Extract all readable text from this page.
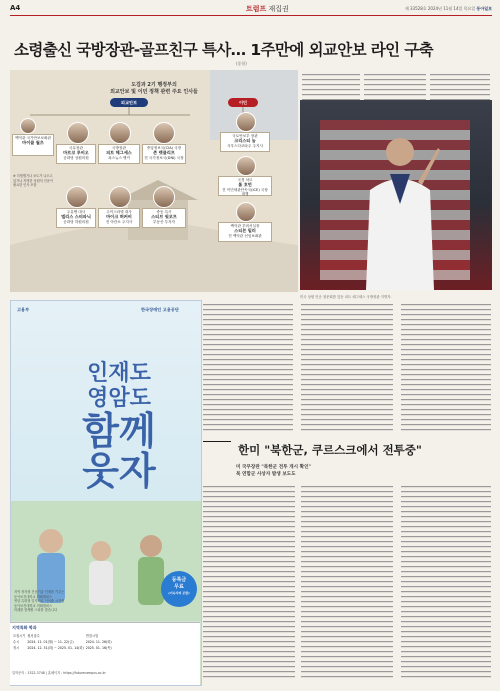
A4	트럼프 재집권	제 33528호 2024년 11월 14일 목요일 동아일보
소령출신 국방장관-골프친구 특사… 1주만에 외교안보 라인 구축
(종합)
도검과 2기 행정부의
외교안보 및 이민 정책 관련 주요 인사들
외교안보	이민
백악관 국가안보보좌관
마이클 월츠
국무장관
마르코 루비오
공화당 상원의원
국방장관
피트 헤그세스
폭스뉴스 앵커
중앙정보국(CIA) 국장
존 랫클리프
전 국가정보국(DNI) 국장
국토안보부 장관
크리스티 놈
사우스다코타주 주지사
국경 차르
톰 호먼
전 이민세관단속국(ICE) 국장 대행
주유엔 대사
엘리스 스터파닉
공화당 하원의원
주이스라엘 대사
마이크 허커비
전 아칸소 주지사
중동 특사
스티브 윗코프
부동산 투자자
백악관 부비서실장
스티븐 밀러
전 백악관 선임보좌관
※ 지명했거나 보도가 나오고 있거나 지명한 상원의 인준이 필요한 인사 포함
미국 상원 인준 청문회를 앞둔 피트 헤그세스 국방장관 지명자.
고용부	한국장애인 고용공단
인재도
영암도
함께
웃자
등록금
무료
(기숙사비 포함)
지역특화 학과
모집시기	원서접수	면접시험
수시	2024. 11. 01(월) ~ 11. 22(금)	2024. 11. 26(화)
정시	2024. 12. 31(화) ~ 2025. 01. 14(화)	2025. 01. 16(목)
입학문의 : 1522-3748 | 홈페이지 : https://futurecampus.ac.kr
지역 정착형 전문기술 인재를 키우는
동아보건대학교 미래캠퍼스
영암 특화형 일자리로 이어줄 시작점
동아보건대학교 미래캠퍼스
미래를 함께할 스타를 찾습니다
한미 "북한군, 쿠르스크에서 전투중"
미 국무장관 "북한군 전투 개시 확인"
북 연합군 사상자 발생 보도도
